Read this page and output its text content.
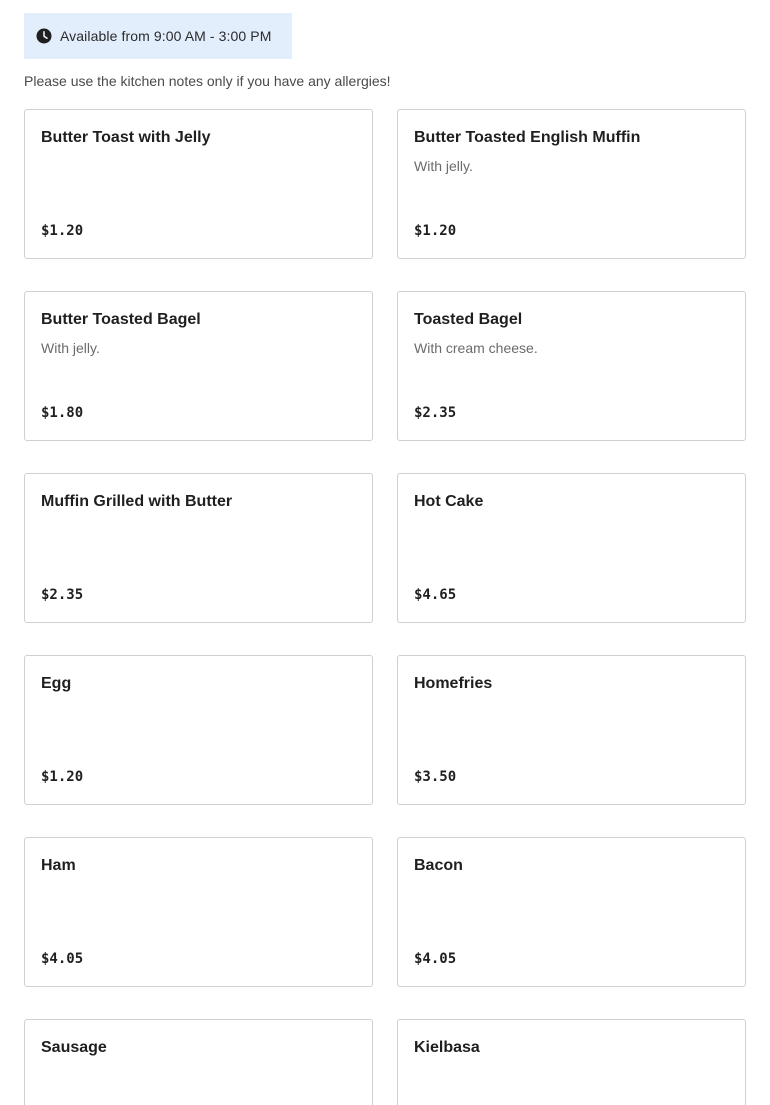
Available from 9:00 AM - 3:00 PM
Please use the kitchen notes only if you have any allergies!
Butter Toast with Jelly
$1.20
Butter Toasted English Muffin
With jelly.
$1.20
Butter Toasted Bagel
With jelly.
$1.80
Toasted Bagel
With cream cheese.
$2.35
Muffin Grilled with Butter
$2.35
Hot Cake
$4.65
Egg
$1.20
Homefries
$3.50
Ham
$4.05
Bacon
$4.05
Sausage	Kielbasa
